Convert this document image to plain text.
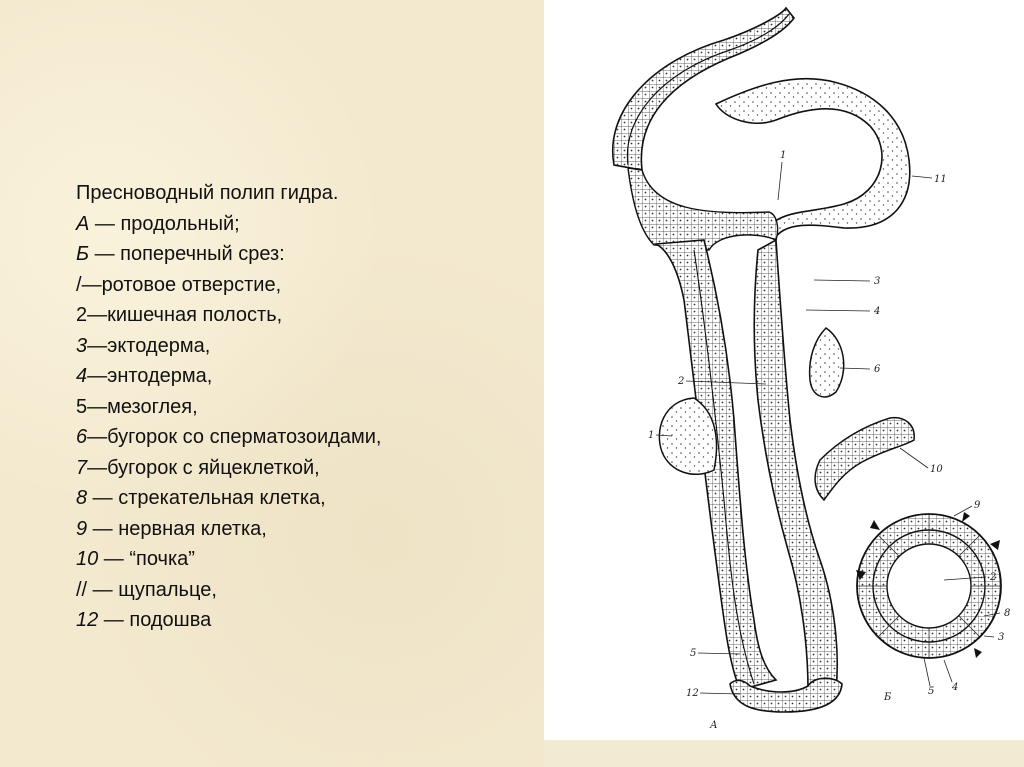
Пресноводный полип гидра.
А — продольный;
Б — поперечный срез:
/—ротовое отверстие,
2—кишечная полость,
3—эктодерма,
4—энтодерма,
5—мезоглея,
6—бугорок со сперматозоидами,
7—бугорок с яйцеклеткой,
8 — стрекательная клетка,
9 — нервная клетка,
10 — “почка”
// — щупальце,
12 — подошва
1
11
3
4
6
2
1
10
5
12
А
9
2
8
3
4
5
Б
